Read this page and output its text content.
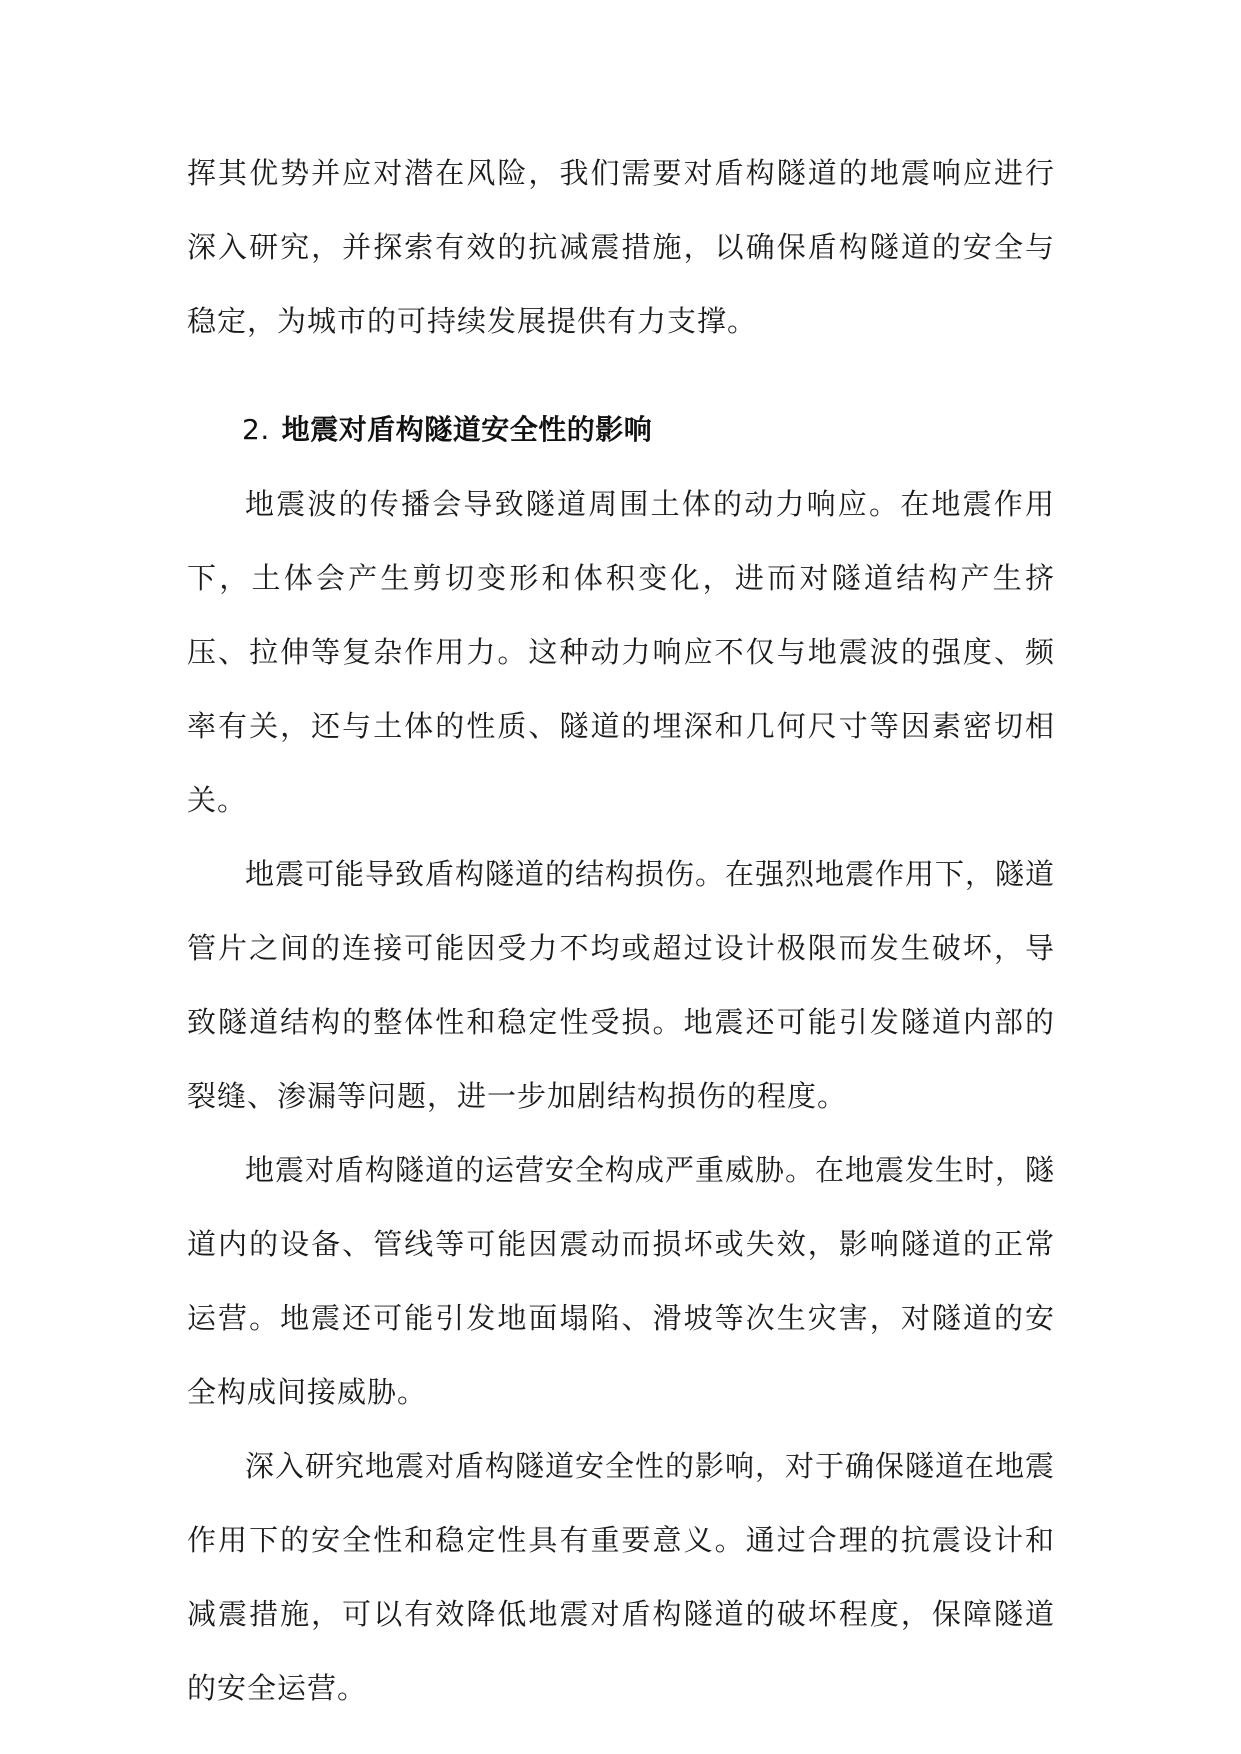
挥其优势并应对潜在风险，我们需要对盾构隧道的地震响应进行深入研究，并探索有效的抗减震措施，以确保盾构隧道的安全与稳定，为城市的可持续发展提供有力支撑。
2. 地震对盾构隧道安全性的影响

地震波的传播会导致隧道周围土体的动力响应。在地震作用下，土体会产生剪切变形和体积变化，进而对隧道结构产生挤压、拉伸等复杂作用力。这种动力响应不仅与地震波的强度、频率有关，还与土体的性质、隧道的埋深和几何尺寸等因素密切相关。

地震可能导致盾构隧道的结构损伤。在强烈地震作用下，隧道管片之间的连接可能因受力不均或超过设计极限而发生破坏，导致隧道结构的整体性和稳定性受损。地震还可能引发隧道内部的裂缝、渗漏等问题，进一步加剧结构损伤的程度。

地震对盾构隧道的运营安全构成严重威胁。在地震发生时，隧道内的设备、管线等可能因震动而损坏或失效，影响隧道的正常运营。地震还可能引发地面塌陷、滑坡等次生灾害，对隧道的安全构成间接威胁。

深入研究地震对盾构隧道安全性的影响，对于确保隧道在地震作用下的安全性和稳定性具有重要意义。通过合理的抗震设计和减震措施，可以有效降低地震对盾构隧道的破坏程度，保障隧道的安全运营。
